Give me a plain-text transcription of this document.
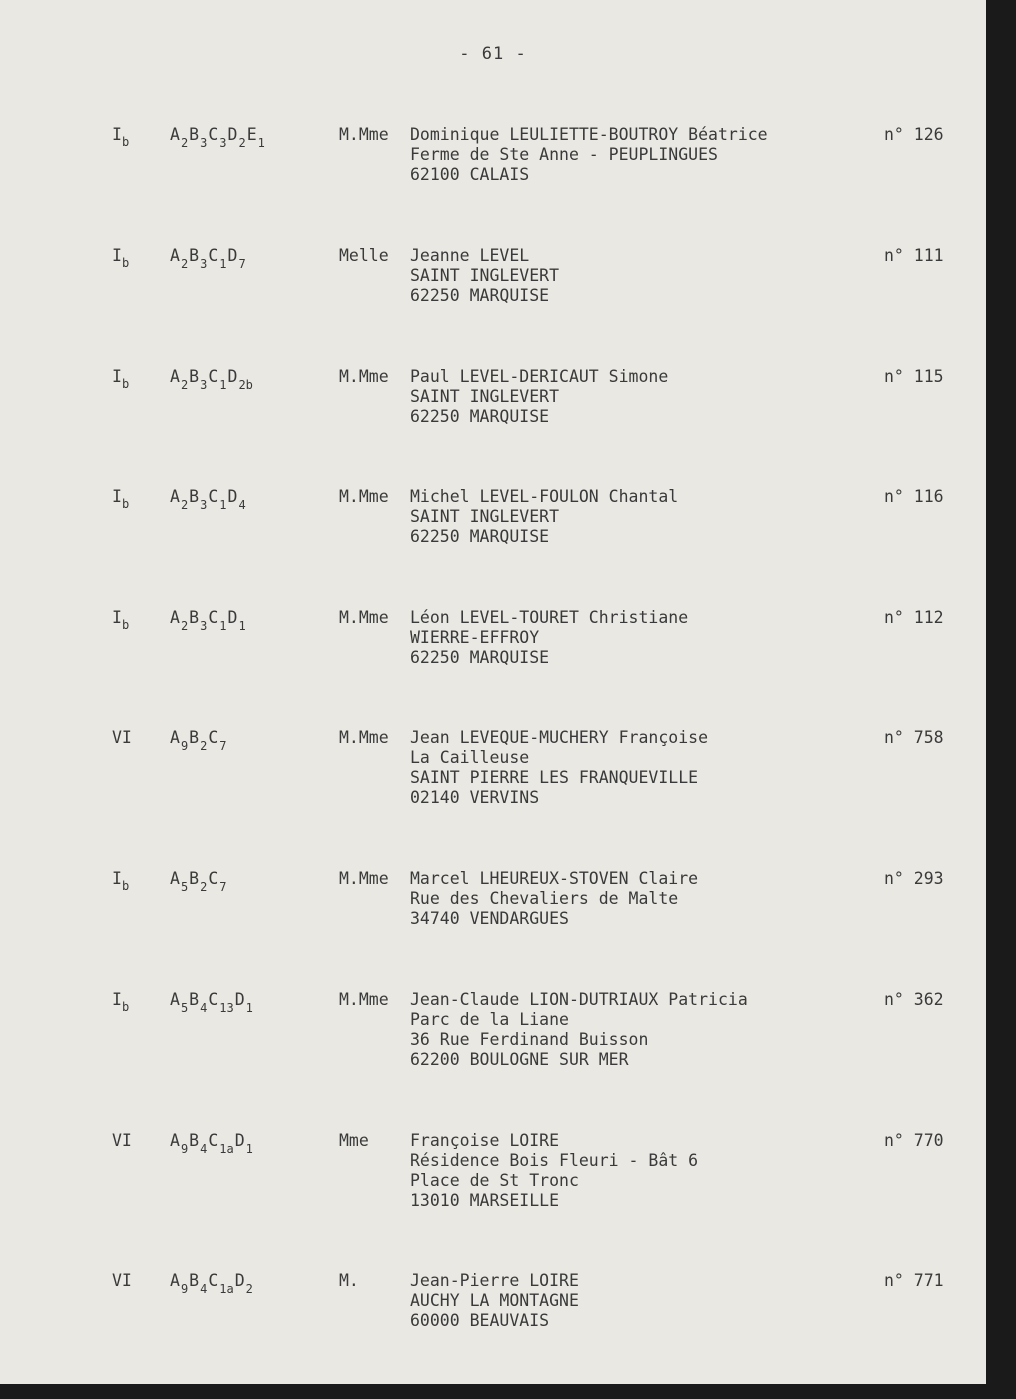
- 61 -
$I_b$ $A_2B_3C_3D_2E_1$	M.Mme Dominique LEULIETTE-BOUTROY Béatrice
Ferme de Ste Anne - PEUPLINGUES
62100 CALAIS
n° 126
$I_b$ $A_2B_3C_1D_7$	Melle Jeanne LEVEL
SAINT INGLEVERT
62250 MARQUISE
n° 111
$I_b$ $A_2B_3C_1D_{2b}$	M.Mme Paul LEVEL-DERICAUT Simone
SAINT INGLEVERT
62250 MARQUISE
n° 115
$I_b$ $A_2B_3C_1D_4$	M.Mme Michel LEVEL-FOULON Chantal
SAINT INGLEVERT
62250 MARQUISE
n° 116
$I_b$ $A_2B_3C_1D_1$	M.Mme Léon LEVEL-TOURET Christiane
WIERRE-EFFROY
62250 MARQUISE
n° 112
VI $A_9B_2C_7$	M.Mme Jean LEVEQUE-MUCHERY Françoise
La Cailleuse
SAINT PIERRE LES FRANQUEVILLE
02140 VERVINS
n° 758
$I_b$ $A_5B_2C_7$	M.Mme Marcel LHEUREUX-STOVEN Claire
Rue des Chevaliers de Malte
34740 VENDARGUES
n° 293
$I_b$ $A_5B_4C_{13}D_1$	M.Mme Jean-Claude LION-DUTRIAUX Patricia
Parc de la Liane
36 Rue Ferdinand Buisson
62200 BOULOGNE SUR MER
n° 362
VI $A_9B_4C_{1a}D_1$	Mme Françoise LOIRE
Résidence Bois Fleuri - Bât 6
Place de St Tronc
13010 MARSEILLE
n° 770
VI $A_9B_4C_{1a}D_2$	M.	Jean-Pierre LOIRE
AUCHY LA MONTAGNE
60000 BEAUVAIS
n° 771
